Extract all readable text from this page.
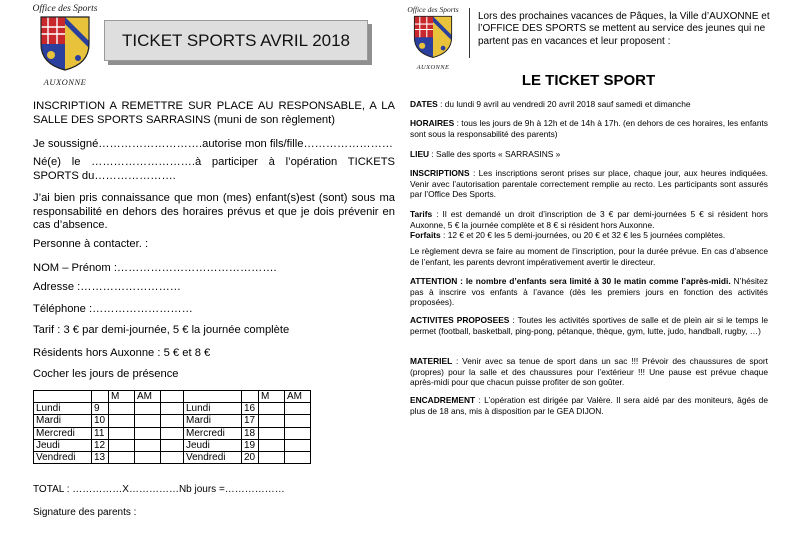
Office des Sports
AUXONNE
TICKET SPORTS AVRIL 2018
INSCRIPTION A REMETTRE SUR PLACE AU RESPONSABLE, A LA SALLE DES SPORTS SARRASINS (muni de son règlement)
Je soussigné……………………….autorise mon fils/fille……………………
Né(e) le ……………………….à participer à l’opération TICKETS SPORTS du………………….
J’ai bien pris connaissance que mon (mes) enfant(s)est (sont) sous ma responsabilité en dehors des horaires prévus et que je dois prévenir en cas d’absence.
Personne à contacter. :
NOM – Prénom :…………………………………….
Adresse :………………………
Téléphone :………………………
Tarif : 3 € par demi-journée, 5 € la journée complète
Résidents hors Auxonne : 5 € et 8 €
Cocher les jours de présence
		M	AM				M	AM
Lundi	9				Lundi	16		
Mardi	10				Mardi	17		
Mercredi	11				Mercredi	18		
Jeudi	12				Jeudi	19		
Vendredi	13				Vendredi	20		
TOTAL : ……………X……………Nb jours =………………
Signature des parents :
Office des Sports
AUXONNE
Lors des prochaines vacances de Pâques, la Ville d’AUXONNE et l’OFFICE DES SPORTS se mettent au service des jeunes qui ne partent pas en vacances et leur proposent :
LE TICKET SPORT
DATES : du lundi 9 avril au vendredi 20 avril 2018 sauf samedi et dimanche
HORAIRES : tous les jours de 9h à 12h et de 14h à 17h. (en dehors de ces horaires, les enfants sont sous la responsabilité des parents)
LIEU : Salle des sports « SARRASINS »
INSCRIPTIONS : Les inscriptions seront prises sur place, chaque jour, aux heures indiquées. Venir avec l’autorisation parentale correctement remplie au recto. Les participants sont assurés par l’Office Des Sports.
Tarifs : Il est demandé un droit d’inscription de 3 € par demi-journées 5 € si résident hors Auxonne, 5 € la journée complète et 8 € si résident hors Auxonne.
Forfaits : 12 € et 20 € les 5 demi-journées, ou 20 € et 32 € les 5 journées complètes.
Le règlement devra se faire au moment de l’inscription, pour la durée prévue. En cas d’absence de l’enfant, les parents devront impérativement avertir le directeur.
ATTENTION : le nombre d’enfants sera limité à 30 le matin comme l’après-midi. N’hésitez pas à inscrire vos enfants à l’avance (dès les premiers jours en fonction des activités proposées).
ACTIVITES PROPOSEES : Toutes les activités sportives de salle et de plein air si le temps le permet (football, basketball, ping-pong, pétanque, thèque, gym, lutte, judo, handball, rugby, …)
MATERIEL : Venir avec sa tenue de sport dans un sac !!! Prévoir des chaussures de sport (propres) pour la salle et des chaussures pour l’extérieur !!! Une pause est prévue chaque après-midi pour que chacun puisse profiter de son goûter.
ENCADREMENT : L’opération est dirigée par Valère. Il sera aidé par des moniteurs, âgés de plus de 18 ans, mis à disposition par le GEA DIJON.
